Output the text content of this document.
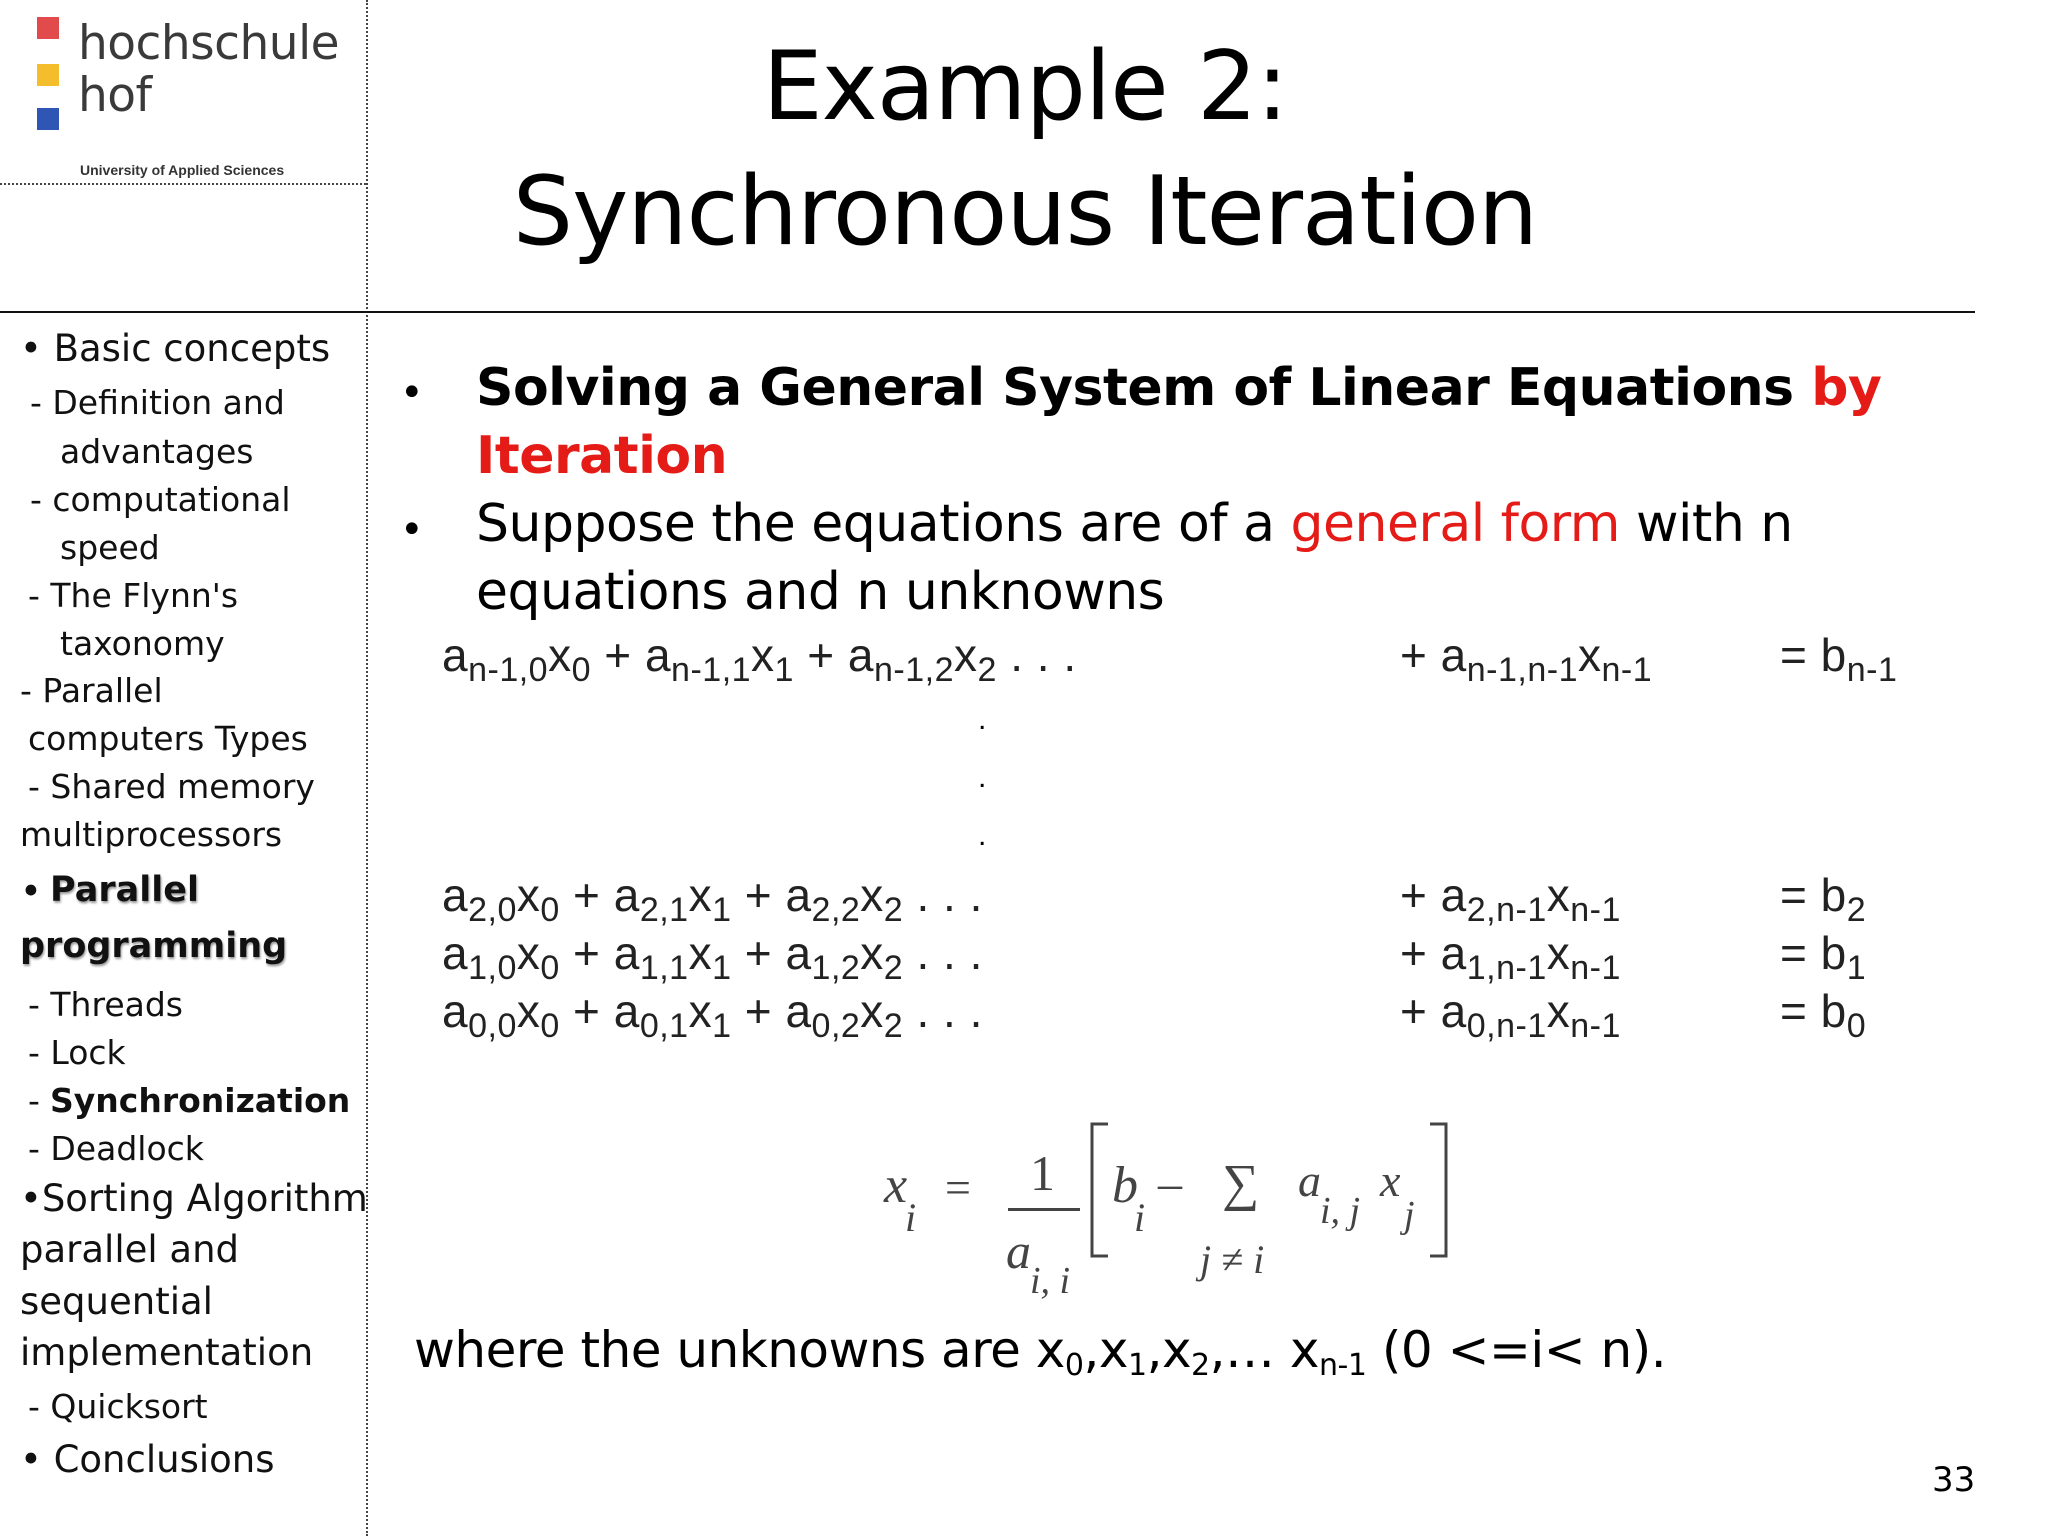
hochschule
hof
University of Applied Sciences
Example 2:
Synchronous Iteration
• Basic concepts
- Definition and
advantages
- computational
speed
- The Flynn's
taxonomy
- Parallel
computers Types
- Shared memory
multiprocessors
• Parallel
programming
- Threads
- Lock
- Synchronization
- Deadlock
•Sorting Algorithm
parallel and
sequential
implementation
- Quicksort
• Conclusions
• Solving a General System of Linear Equations by
Iteration
• Suppose the equations are of a general form with n
equations and n unknowns
$a_{n-1,0}x_0 + a_{n-1,1}x_1 + a_{n-1,2}x_2$ . . .	+ $a_{n-1,n-1}x_{n-1}$	= $b_{n-1}$
.
.
.
$a_{2,0}x_0 + a_{2,1}x_1 + a_{2,2}x_2$ . . .	+ $a_{2,n-1}x_{n-1}$	= $b_2$
$a_{1,0}x_0 + a_{1,1}x_1 + a_{1,2}x_2$ . . .	+ $a_{1,n-1}x_{n-1}$	= $b_1$
$a_{0,0}x_0 + a_{0,1}x_1 + a_{0,2}x_2$ . . .	+ $a_{0,n-1}x_{n-1}$	= $b_0$
x
i
= 1
a
i, i
b
i
– ∑
j ≠ i
a
i, j
x
j
where the unknowns are $x_0,x_1,x_2,\dots$ $x_{n-1}$ (0 <=i< n).
33
